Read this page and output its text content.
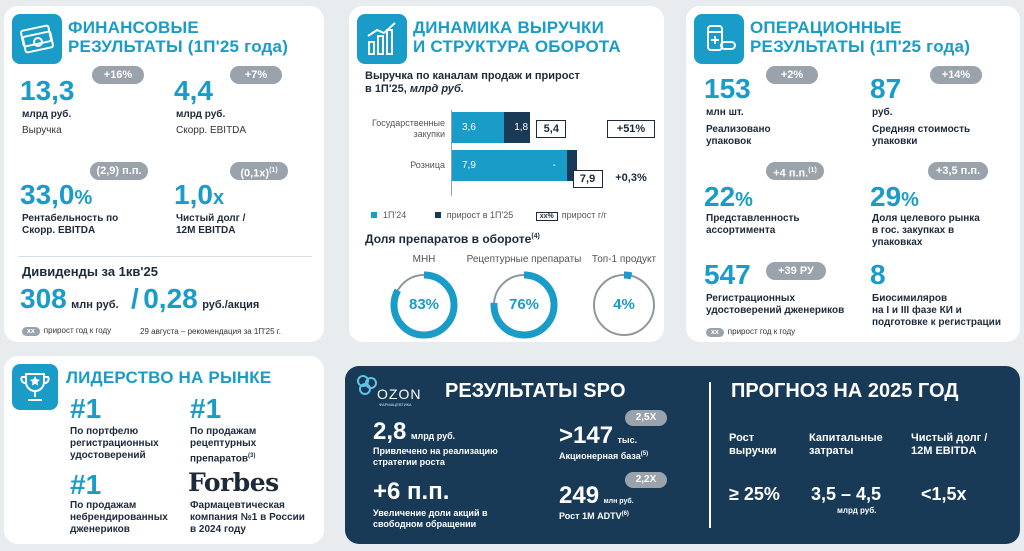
ФИНАНСОВЫЕ
РЕЗУЛЬТАТЫ (1П'25 года)
+16%
13,3
млрд руб.
Выручка
+7%
4,4
млрд руб.
Скорр. EBITDA
(2,9) п.п.
33,0%
Рентабельность по
Скорр. EBITDA
$(0,1x)^{(1)}$
1,0x
Чистый долг /
12M EBITDA
Дивиденды за 1кв'25
308 млн руб. / 0,28 руб./акция
xx прирост год к году	29 августа – рекомендация за 1П'25 г.
ДИНАМИКА ВЫРУЧКИ
И СТРУКТУРА ОБОРОТА
Выручка по каналам продаж и прирост
в 1П'25, млрд руб.
Государственные закупки
3,6	1,8	5,4	+51%
Розница	7,9	-
7,9	+0,3%
1П'24	прирост в 1П'25	xx% прирост г/г
Доля препаратов в обороте$^{(4)}$
МНН
83%
Рецептурные препараты
76%
Топ-1 продукт
4%
ОПЕРАЦИОННЫЕ
РЕЗУЛЬТАТЫ (1П'25 года)
+2%
153
млн шт.
Реализовано
упаковок
+14%
87
руб.
Средняя стоимость
упаковки
+4 п.п.$^{(1)}$
22%
Представленность
ассортимента
+3,5 п.п.
29%
Доля целевого рынка
в гос. закупках в
упаковках
+39 РУ
547
Регистрационных
удостоверений дженериков
8
Биосимиляров
на I и III фазе КИ и
подготовке к регистрации
xx прирост год к году
ЛИДЕРСТВО НА РЫНКЕ
#1
По портфелю
регистрационных
удостоверений
#1
По продажам
рецептурных
препаратов$^{(3)}$
#1
По продажам
небрендированных
дженериков
Forbes
Фармацевтическая
компания №1 в России
в 2024 году
OZON
ФАРМАЦЕВТИКА
РЕЗУЛЬТАТЫ SPO
2,8 млрд руб.
Привлечено на реализацию
стратегии роста
2,5X
>147 тыс.
Акционерная база$^{(5)}$
+6 п.п.
Увеличение доли акций в
свободном обращении
2,2X
249 млн руб.
Рост 1М ADTV$^{(6)}$
ПРОГНОЗ НА 2025 ГОД
Рост
выручки
≥ 25%
Капитальные
затраты
3,5 – 4,5
млрд руб.
Чистый долг /
12M EBITDA
<1,5x
